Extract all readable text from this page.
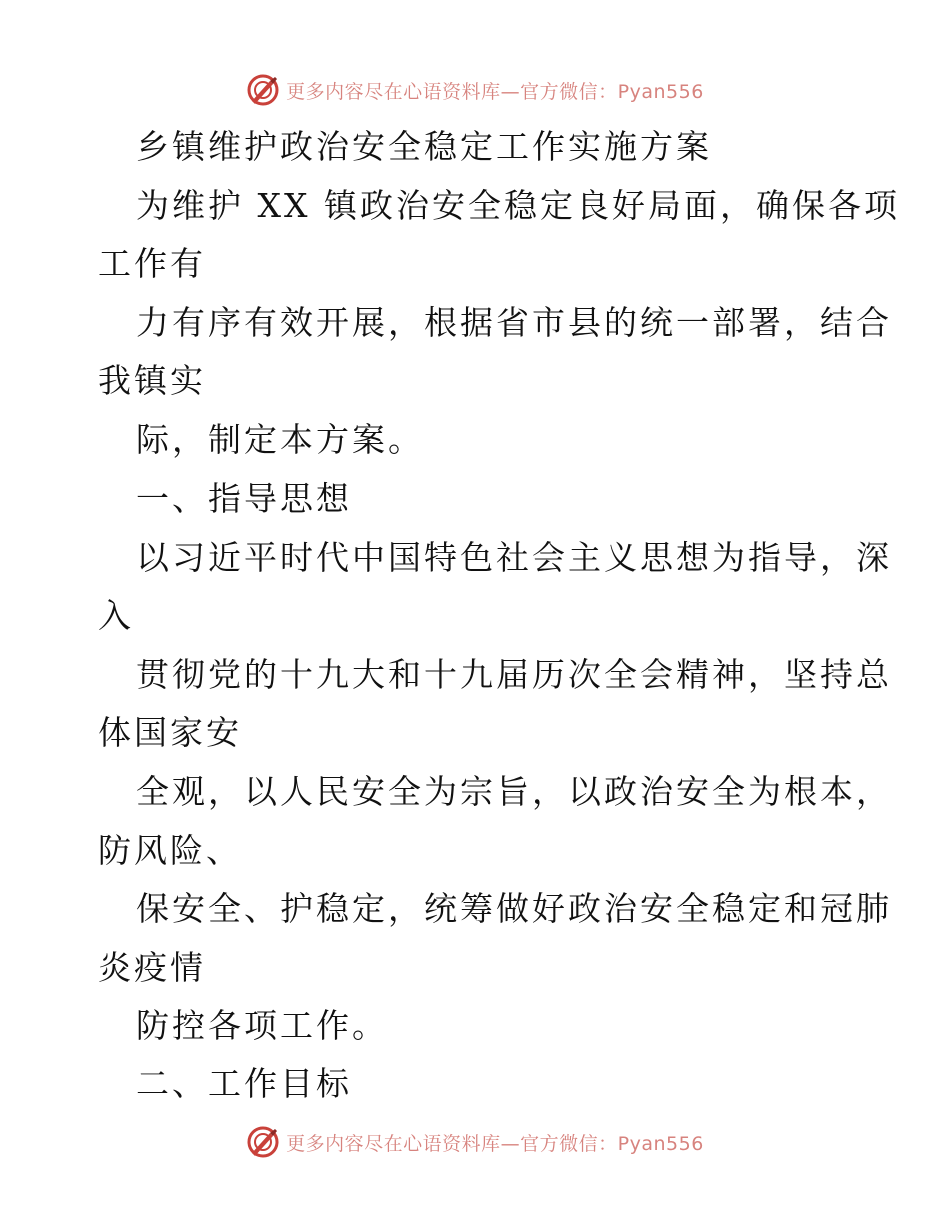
更多内容尽在心语资料库—官方微信：Pyan556
乡镇维护政治安全稳定工作实施方案
为维护 XX 镇政治安全稳定良好局面，确保各项
工作有
力有序有效开展，根据省市县的统一部署，结合
我镇实
际，制定本方案。
一、指导思想
以习近平时代中国特色社会主义思想为指导，深
入
贯彻党的十九大和十九届历次全会精神，坚持总
体国家安
全观，以人民安全为宗旨，以政治安全为根本，
防风险、
保安全、护稳定，统筹做好政治安全稳定和冠肺
炎疫情
防控各项工作。
二、工作目标
更多内容尽在心语资料库—官方微信：Pyan556
